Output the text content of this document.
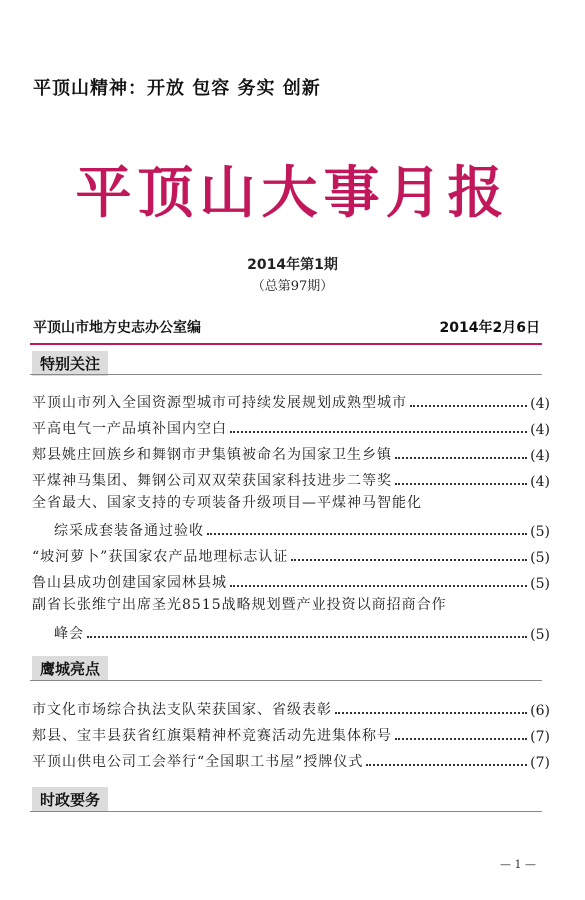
平顶山精神：开放 包容 务实 创新
平顶山大事月报
2014年第1期
（总第97期）
平顶山市地方史志办公室编	2014年2月6日
特别关注
平顶山市列入全国资源型城市可持续发展规划成熟型城市	(4)
平高电气一产品填补国内空白	(4)
郏县姚庄回族乡和舞钢市尹集镇被命名为国家卫生乡镇	(4)
平煤神马集团、舞钢公司双双荣获国家科技进步二等奖	(4)
全省最大、国家支持的专项装备升级项目—平煤神马智能化
综采成套装备通过验收	(5)
“坡河萝卜”获国家农产品地理标志认证	(5)
鲁山县成功创建国家园林县城	(5)
副省长张维宁出席圣光8515战略规划暨产业投资以商招商合作
峰会	(5)
鹰城亮点
市文化市场综合执法支队荣获国家、省级表彰	(6)
郏县、宝丰县获省红旗渠精神杯竞赛活动先进集体称号	(7)
平顶山供电公司工会举行“全国职工书屋”授牌仪式	(7)
时政要务
— 1 —
